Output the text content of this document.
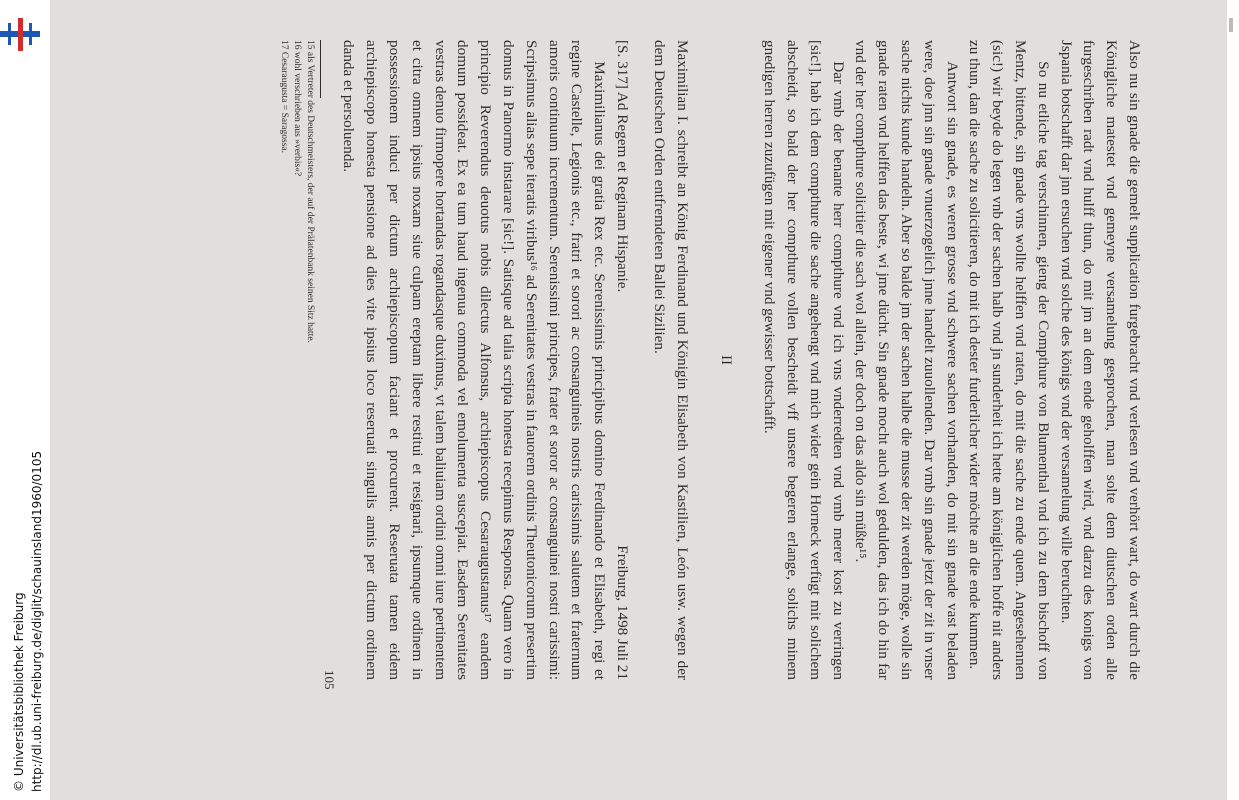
http://dl.ub.uni-freiburg.de/diglit/schauinsland1960/0105
© Universitätsbibliothek Freiburg

Also nu sin gnade die gemelt supplication furgebracht vnd verlesen vnd verhört wart, do wart durch die Königliche matestet vnd gemeyne versamelung gesprochen, man solte dem diutschen orden alle furgeschriben radt vnd hulff thun, do mit jm an dem ende geholffen wird, vnd darzu des konigs von Jspania botschafft dar jnn ersuchen vnd solche des königs vnd der versamelung wille beruchten.

So nu etliche tag verschinnen, gieng der Compthure von Blumenthal vnd ich zu dem bischoff von Mentz, bittende, sin gnade vns wollte helffen vnd raten, do mit die sache zu ende quem. Angesehennen (sic!) wir beyde do legen vnb der sachen halb vnd jn sunderheit ich hette am königlichen hoffe nit anders zu thun, dan die sache zu solicitieren, do mit ich dester furderlicher wider möchte an die ende kummen.

Antwort sin gnade, es weren grosse vnd schwere sachen vorhanden, do mit sin gnade vast beladen were, doe jnn sin gnade vnuerzogelich jnne handelt zuuollenden. Dar vmb sin gnade jetzt der zit in vnser sache nichts kunde handeln. Aber so balde jm der sachen halbe die musse der zit werden möge, wolle sin gnade raten vnd helffen das beste, wi jme dücht. Sin gnade mocht auch wol gedulden, das ich do hin far vnd der her compthure solicitier die sach wol allein, der doch on das aldo sin müßte¹⁵.

Dar vmb der benante herr compthure vnd ich vns vnderredten vnd vmb merer kost zu verringen [sic!], hab ich dem compthure die sache angehengt vnd mich wider gein Horneck verfügt mit solichem abscheidt, so bald der her compthure vollen bescheidt vff unsere begeren erlange, solichs minem gnedigen herren zuzufügen mit eigener vnd gewisser bottschafft.

II

Maximilian I. schreibt an König Ferdinand und Königin Elisabeth von Kastilien, León usw. wegen der dem Deutschen Orden entfremdeten Ballei Sizilien.

[S. 317] Ad Regem et Reginam Hispanie.
Freiburg, 1498 Juli 21

Maximilianus dei gratia Rex etc. Serenissimis principibus domino Ferdinando et Elisabeth, regi et regine Castelle, Legionis etc., fratri et sorori ac consanguineis nostris carissimis salutem et fraternum amoris continuum incrementum. Serenissimi principes, frater et soror ac consanguinei nostri carissimi: Scripsimus alias sepe iteratis viribus¹⁶ ad Serenitates vestras in fauorem ordinis Theutonicorum presertim domus in Panormo instarare [sic!]. Satisque ad talia scripta honesta recepimus Responsa. Quam vero in principio Reverendus deuotus nobis dilectus Alfonsus, archiepiscopus Cesaraugustanus¹⁷ eandem domum possideat. Ex ea tum haud ingenua commoda vel emolumenta suscepiat. Easdem Serenitates vestras denuo firmopere hortandas rogandasque duximus, vt talem baliuiam ordini omni iure pertinentem et citra omnem ipsius noxam siue culpam ereptam libere restitui et resignari, ipsumque ordinem in possessionem induci per dictum archiepiscopum faciant et procurent. Reseruata tamen eidem archiepiscopo honesta pensione ad dies vite ipsius loco reseruati singulis annis per dictum ordinem danda et persoluenda.

15 als Vertreter des Deutschmeisters, der auf der Prälatenbank seinen Sitz hatte.
16 wohl verschrieben aus »verbis«?
17 Cesaraugusta = Saragossa.
105
